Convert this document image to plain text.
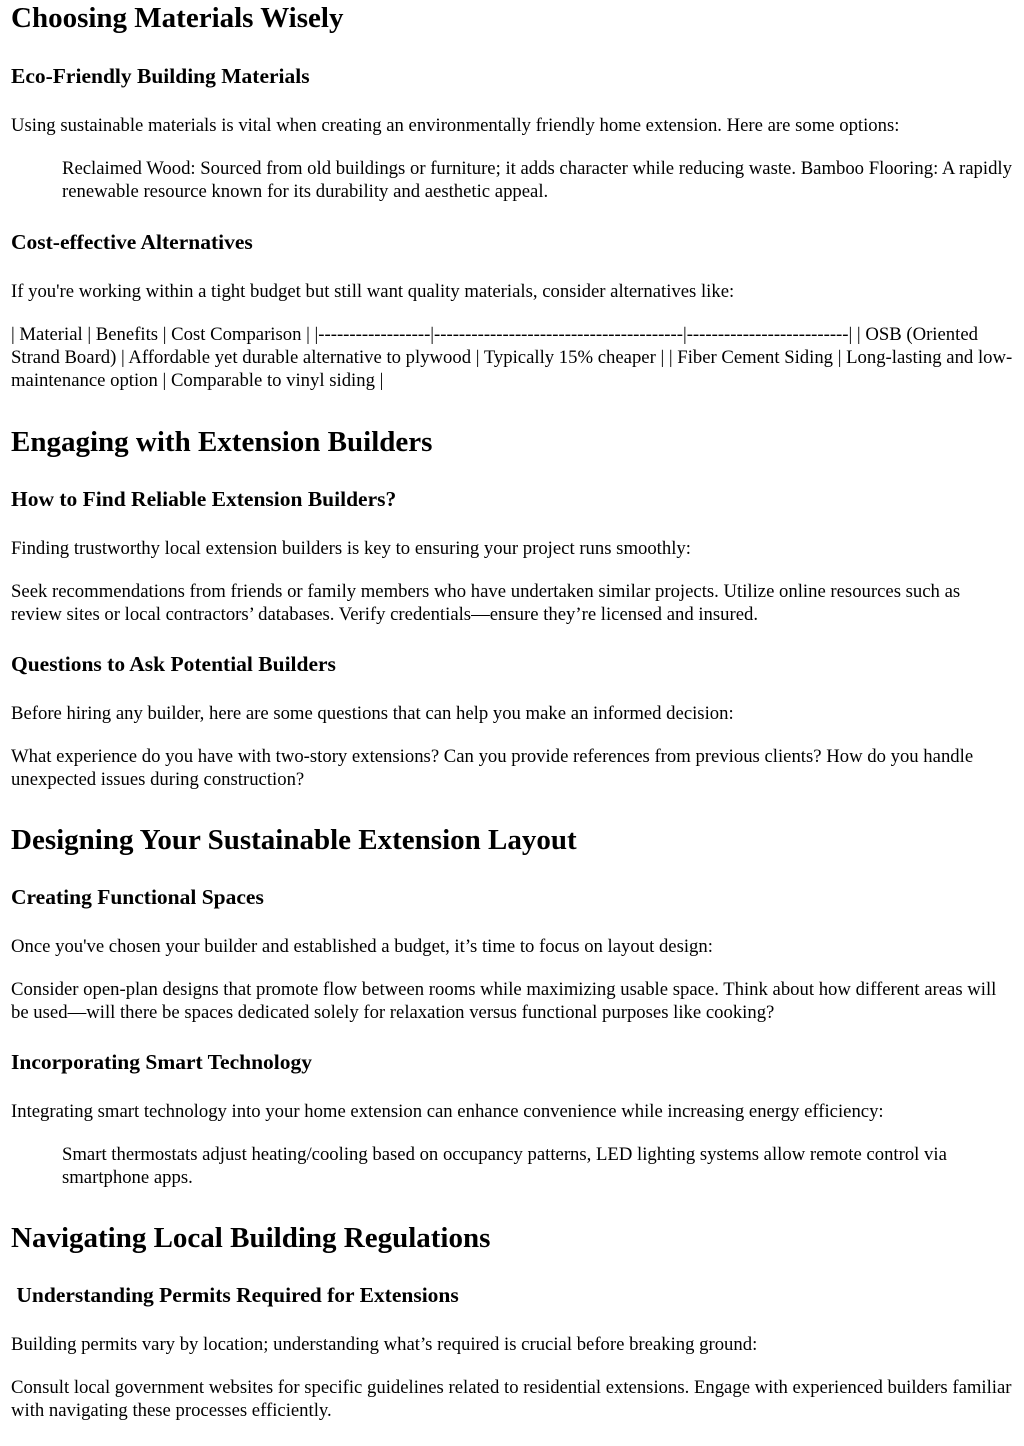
Choosing Materials Wisely
Eco-Friendly Building Materials

Using sustainable materials is vital when creating an environmentally friendly home extension. Here are some options:

Reclaimed Wood: Sourced from old buildings or furniture; it adds character while reducing waste. Bamboo Flooring: A rapidly renewable resource known for its durability and aesthetic appeal.
Cost-effective Alternatives

If you're working within a tight budget but still want quality materials, consider alternatives like:

| Material | Benefits | Cost Comparison | |------------------|----------------------------------------|--------------------------| | OSB (Oriented Strand Board) | Affordable yet durable alternative to plywood | Typically 15% cheaper | | Fiber Cement Siding | Long-lasting and low-maintenance option | Comparable to vinyl siding |

Engaging with Extension Builders
How to Find Reliable Extension Builders?

Finding trustworthy local extension builders is key to ensuring your project runs smoothly:

Seek recommendations from friends or family members who have undertaken similar projects. Utilize online resources such as review sites or local contractors’ databases. Verify credentials—ensure they’re licensed and insured.

Questions to Ask Potential Builders

Before hiring any builder, here are some questions that can help you make an informed decision:

What experience do you have with two-story extensions? Can you provide references from previous clients? How do you handle unexpected issues during construction?

Designing Your Sustainable Extension Layout
Creating Functional Spaces

Once you've chosen your builder and established a budget, it’s time to focus on layout design:

Consider open-plan designs that promote flow between rooms while maximizing usable space. Think about how different areas will be used—will there be spaces dedicated solely for relaxation versus functional purposes like cooking?

Incorporating Smart Technology

Integrating smart technology into your home extension can enhance convenience while increasing energy efficiency:

Smart thermostats adjust heating/cooling based on occupancy patterns, LED lighting systems allow remote control via smartphone apps.
Navigating Local Building Regulations
Understanding Permits Required for Extensions

Building permits vary by location; understanding what’s required is crucial before breaking ground:

Consult local government websites for specific guidelines related to residential extensions. Engage with experienced builders familiar with navigating these processes efficiently.
